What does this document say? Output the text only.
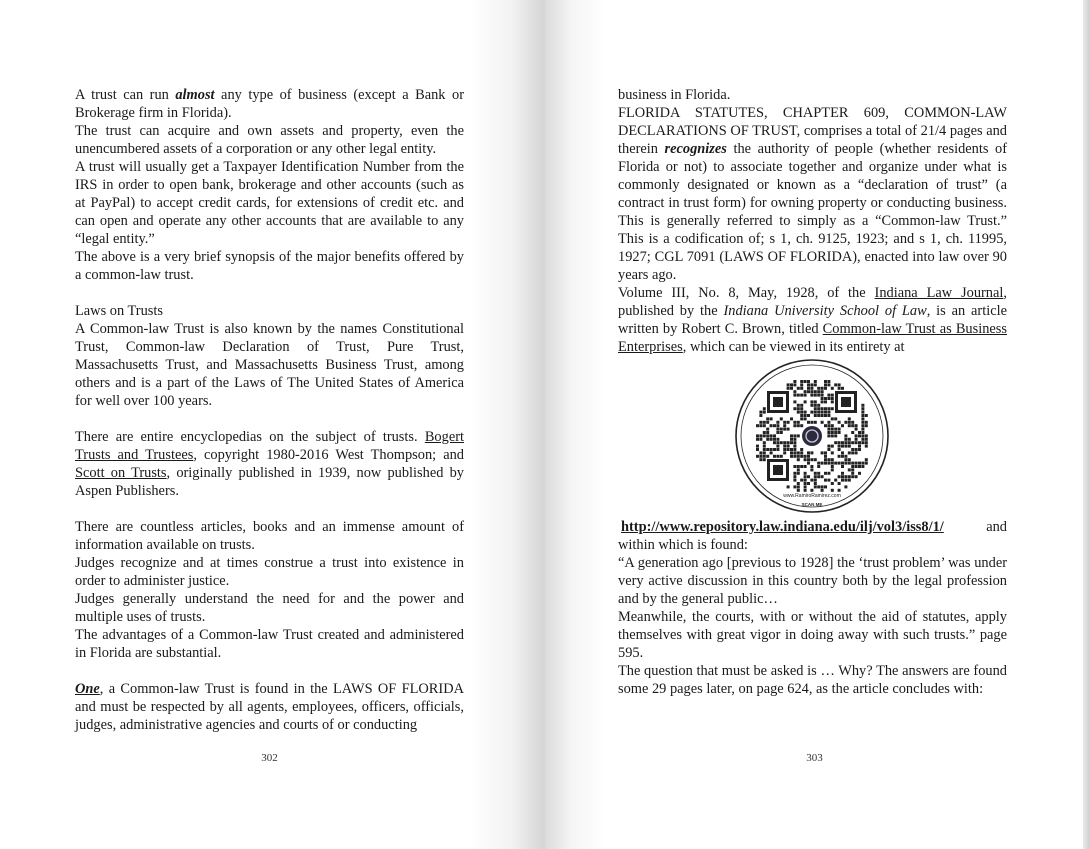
A trust can run almost any type of business (except a Bank or Brokerage firm in Florida).

The trust can acquire and own assets and property, even the unencumbered assets of a corporation or any other legal entity.

A trust will usually get a Taxpayer Identification Number from the IRS in order to open bank, brokerage and other accounts (such as at PayPal) to accept credit cards, for extensions of credit etc. and can open and operate any other accounts that are available to any “legal entity.”

The above is a very brief synopsis of the major benefits offered by a common-law trust.

Laws on Trusts

A Common-law Trust is also known by the names Constitutional Trust, Common-law Declaration of Trust, Pure Trust, Massachusetts Trust, and Massachusetts Business Trust, among others and is a part of the Laws of The United States of America for well over 100 years.

There are entire encyclopedias on the subject of trusts. Bogert Trusts and Trustees, copyright 1980-2016 West Thompson; and Scott on Trusts, originally published in 1939, now published by Aspen Publishers.

There are countless articles, books and an immense amount of information available on trusts.

Judges recognize and at times construe a trust into existence in order to administer justice.

Judges generally understand the need for and the power and multiple uses of trusts.

The advantages of a Common-law Trust created and administered in Florida are substantial.

One, a Common-law Trust is found in the LAWS OF FLORIDA and must be respected by all agents, employees, officers, officials, judges, administrative agencies and courts of or conducting

302

business in Florida.

FLORIDA STATUTES, CHAPTER 609, COMMON-LAW DECLARATIONS OF TRUST, comprises a total of 21/4 pages and therein recognizes the authority of people (whether residents of Florida or not) to associate together and organize under what is commonly designated or known as a “declaration of trust” (a contract in trust form) for owning property or conducting business. This is generally referred to simply as a “Common-law Trust.” This is a codification of; s 1, ch. 9125, 1923; and s 1, ch. 11995, 1927; CGL 7091 (LAWS OF FLORIDA), enacted into law over 90 years ago.

Volume III, No. 8, May, 1928, of the Indiana Law Journal, published by the Indiana University School of Law, is an article written by Robert C. Brown, titled Common-law Trust as Business Enterprises, which can be viewed in its entirety at

www.RamiroRamirez.com
SCAN ME

http://www.repository.law.indiana.edu/ilj/vol3/iss8/1/ and within which is found:

“A generation ago [previous to 1928] the ‘trust problem’ was under very active discussion in this country both by the legal profession and by the general public…

Meanwhile, the courts, with or without the aid of statutes, apply themselves with great vigor in doing away with such trusts.” page 595.

The question that must be asked is … Why? The answers are found some 29 pages later, on page 624, as the article concludes with:

303
